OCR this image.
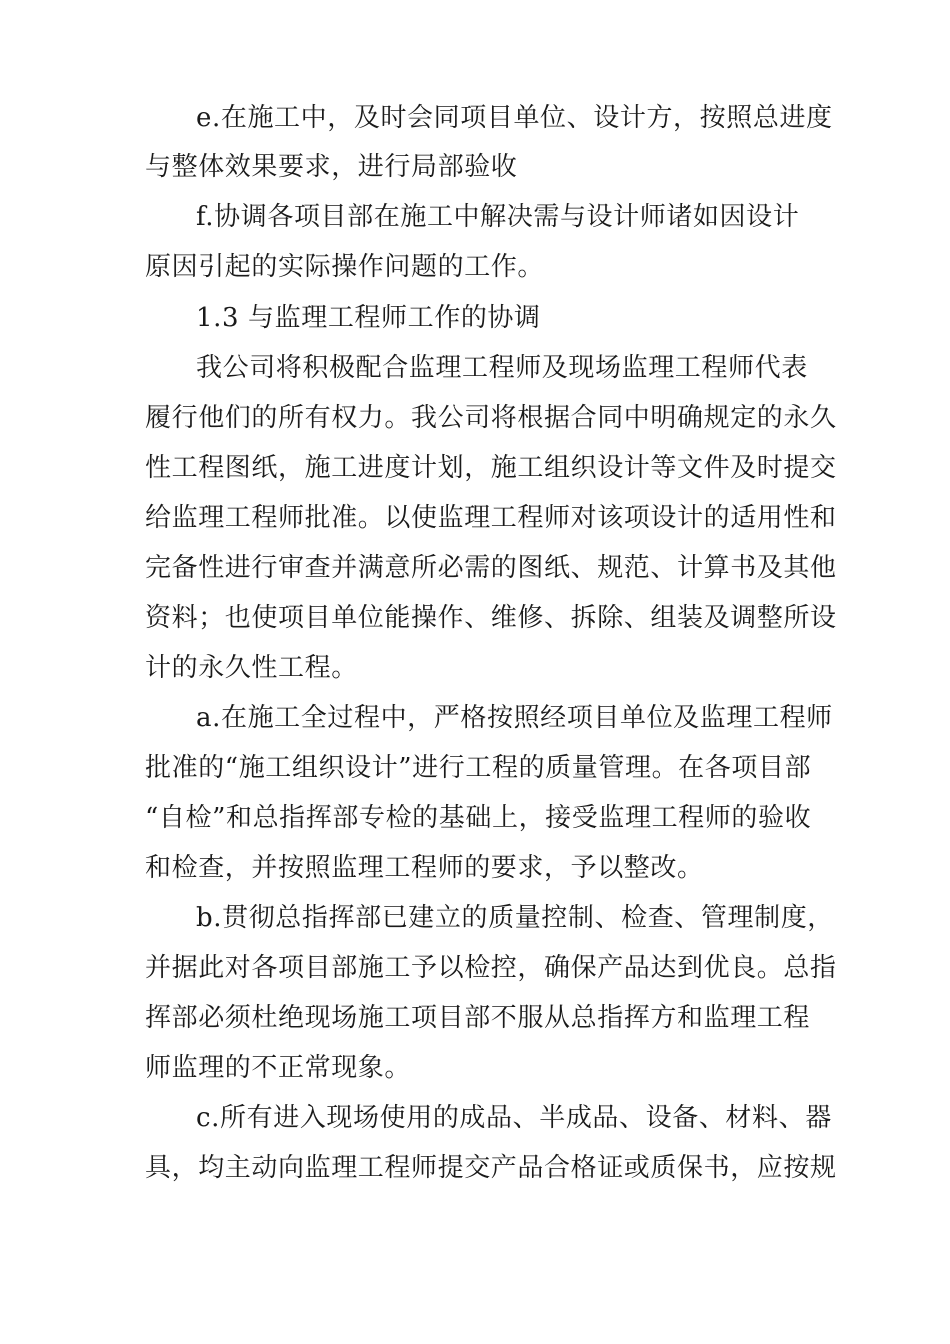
e.在施工中，及时会同项目单位、设计方，按照总进度
与整体效果要求，进行局部验收
f.协调各项目部在施工中解决需与设计师诸如因设计
原因引起的实际操作问题的工作。
1.3 与监理工程师工作的协调
我公司将积极配合监理工程师及现场监理工程师代表
履行他们的所有权力。我公司将根据合同中明确规定的永久
性工程图纸，施工进度计划，施工组织设计等文件及时提交
给监理工程师批准。以使监理工程师对该项设计的适用性和
完备性进行审查并满意所必需的图纸、规范、计算书及其他
资料；也使项目单位能操作、维修、拆除、组装及调整所设
计的永久性工程。
a.在施工全过程中，严格按照经项目单位及监理工程师
批准的“施工组织设计”进行工程的质量管理。在各项目部
“自检”和总指挥部专检的基础上，接受监理工程师的验收
和检查，并按照监理工程师的要求，予以整改。
b.贯彻总指挥部已建立的质量控制、检查、管理制度，
并据此对各项目部施工予以检控，确保产品达到优良。总指
挥部必须杜绝现场施工项目部不服从总指挥方和监理工程
师监理的不正常现象。
c.所有进入现场使用的成品、半成品、设备、材料、器
具，均主动向监理工程师提交产品合格证或质保书，应按规
